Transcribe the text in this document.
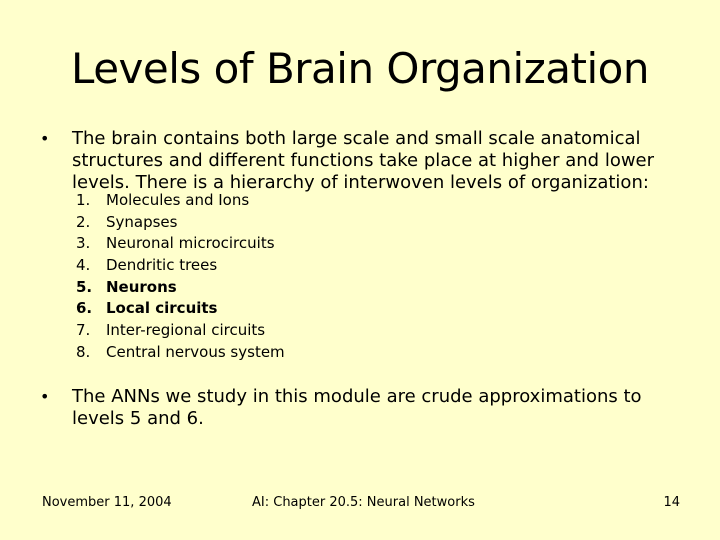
Levels of Brain Organization
• The brain contains both large scale and small scale anatomical structures and different functions take place at higher and lower levels. There is a hierarchy of interwoven levels of organization:
1.	Molecules and Ions
2.	Synapses
3.	Neuronal microcircuits
4.	Dendritic trees
5. Neurons
6. Local circuits
7.	Inter-regional circuits
8.	Central nervous system
• The ANNs we study in this module are crude approximations to levels 5 and 6.
November 11, 2004	AI: Chapter 20.5: Neural Networks	14
